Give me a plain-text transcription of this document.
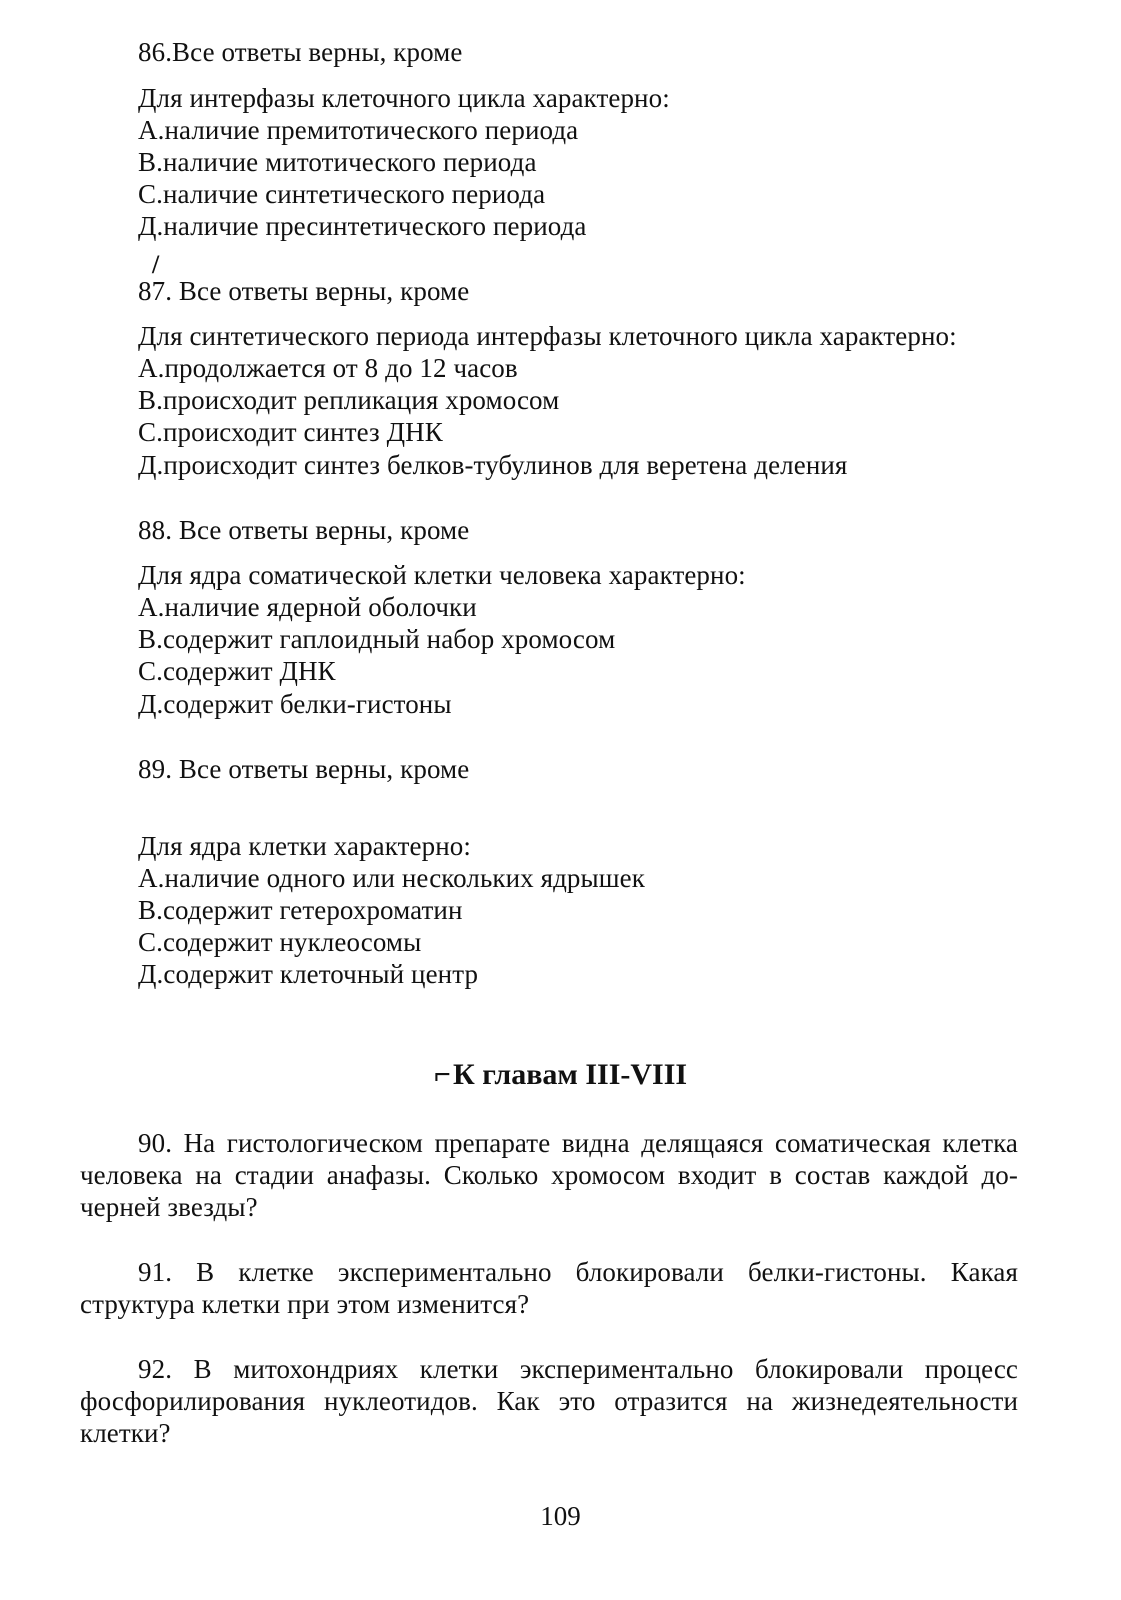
86.Все ответы верны, кроме
Для интерфазы клеточного цикла характерно:
А.наличие премитотического периода
В.наличие митотического периода
С.наличие синтетического периода
Д.наличие пресинтетического периода
/
87. Все ответы верны, кроме
Для синтетического периода интерфазы клеточного цикла характерно:
А.продолжается от 8 до 12 часов
В.происходит репликация хромосом
С.происходит синтез ДНК
Д.происходит синтез белков-тубулинов для веретена деления
88. Все ответы верны, кроме
Для ядра соматической клетки человека характерно:
А.наличие ядерной оболочки
В.содержит гаплоидный набор хромосом
С.содержит ДНК
Д.содержит белки-гистоны
89. Все ответы верны, кроме
Для ядра клетки характерно:
А.наличие одного или нескольких ядрышек
В.содержит гетерохроматин
С.содержит нуклеосомы
Д.содержит клеточный центр
⌐К главам III-VIII
90. На гистологическом препарате видна делящаяся соматическая клетка
человека на стадии анафазы. Сколько хромосом входит в состав каждой до-
черней звезды?
91. В клетке экспериментально блокировали белки-гистоны. Какая
структура клетки при этом изменится?
92. В митохондриях клетки экспериментально блокировали процесс
фосфорилирования нуклеотидов. Как это отразится на жизнедеятельности
клетки?
109
